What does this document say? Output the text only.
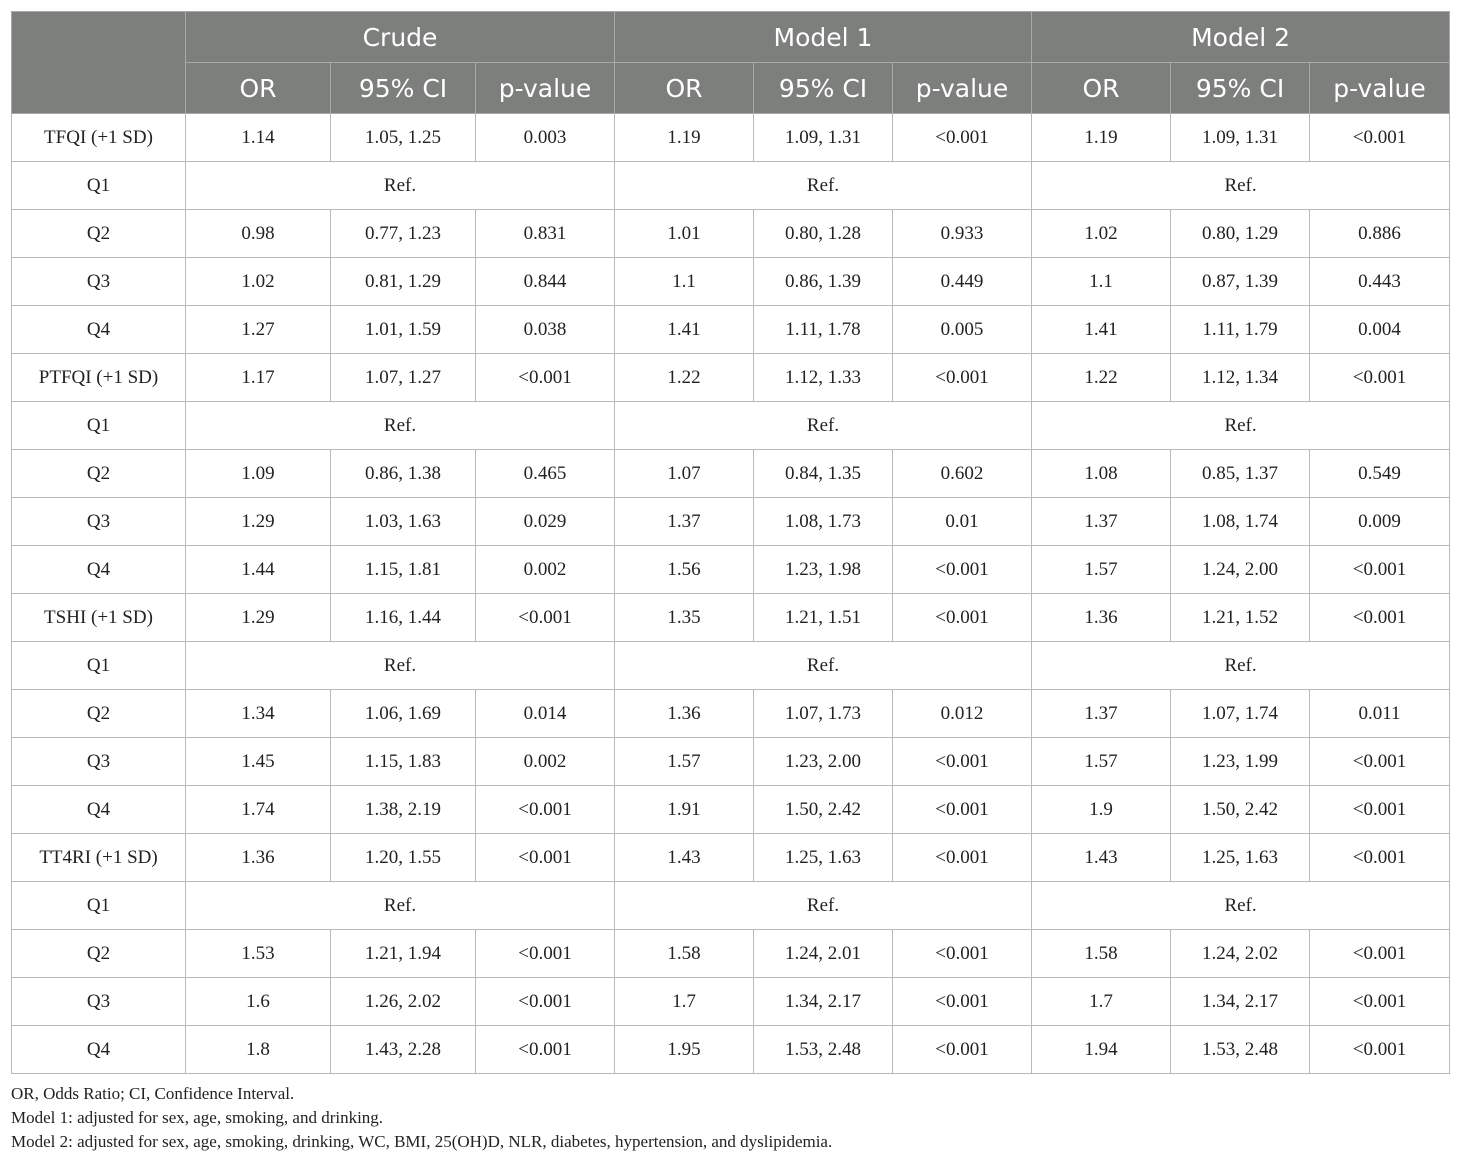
	Crude			Model 1			Model 2		
	OR	95% CI	p-value	OR	95% CI	p-value	OR	95% CI	p-value
TFQI (+1 SD)	1.14	1.05, 1.25	0.003	1.19	1.09, 1.31	<0.001	1.19	1.09, 1.31	<0.001
Q1	Ref.			Ref.			Ref.		
Q2	0.98	0.77, 1.23	0.831	1.01	0.80, 1.28	0.933	1.02	0.80, 1.29	0.886
Q3	1.02	0.81, 1.29	0.844	1.1	0.86, 1.39	0.449	1.1	0.87, 1.39	0.443
Q4	1.27	1.01, 1.59	0.038	1.41	1.11, 1.78	0.005	1.41	1.11, 1.79	0.004
PTFQI (+1 SD)	1.17	1.07, 1.27	<0.001	1.22	1.12, 1.33	<0.001	1.22	1.12, 1.34	<0.001
Q1	Ref.			Ref.			Ref.		
Q2	1.09	0.86, 1.38	0.465	1.07	0.84, 1.35	0.602	1.08	0.85, 1.37	0.549
Q3	1.29	1.03, 1.63	0.029	1.37	1.08, 1.73	0.01	1.37	1.08, 1.74	0.009
Q4	1.44	1.15, 1.81	0.002	1.56	1.23, 1.98	<0.001	1.57	1.24, 2.00	<0.001
TSHI (+1 SD)	1.29	1.16, 1.44	<0.001	1.35	1.21, 1.51	<0.001	1.36	1.21, 1.52	<0.001
Q1	Ref.			Ref.			Ref.		
Q2	1.34	1.06, 1.69	0.014	1.36	1.07, 1.73	0.012	1.37	1.07, 1.74	0.011
Q3	1.45	1.15, 1.83	0.002	1.57	1.23, 2.00	<0.001	1.57	1.23, 1.99	<0.001
Q4	1.74	1.38, 2.19	<0.001	1.91	1.50, 2.42	<0.001	1.9	1.50, 2.42	<0.001
TT4RI (+1 SD)	1.36	1.20, 1.55	<0.001	1.43	1.25, 1.63	<0.001	1.43	1.25, 1.63	<0.001
Q1	Ref.			Ref.			Ref.		
Q2	1.53	1.21, 1.94	<0.001	1.58	1.24, 2.01	<0.001	1.58	1.24, 2.02	<0.001
Q3	1.6	1.26, 2.02	<0.001	1.7	1.34, 2.17	<0.001	1.7	1.34, 2.17	<0.001
Q4	1.8	1.43, 2.28	<0.001	1.95	1.53, 2.48	<0.001	1.94	1.53, 2.48	<0.001
OR, Odds Ratio; CI, Confidence Interval.
Model 1: adjusted for sex, age, smoking, and drinking.
Model 2: adjusted for sex, age, smoking, drinking, WC, BMI, 25(OH)D, NLR, diabetes, hypertension, and dyslipidemia.
